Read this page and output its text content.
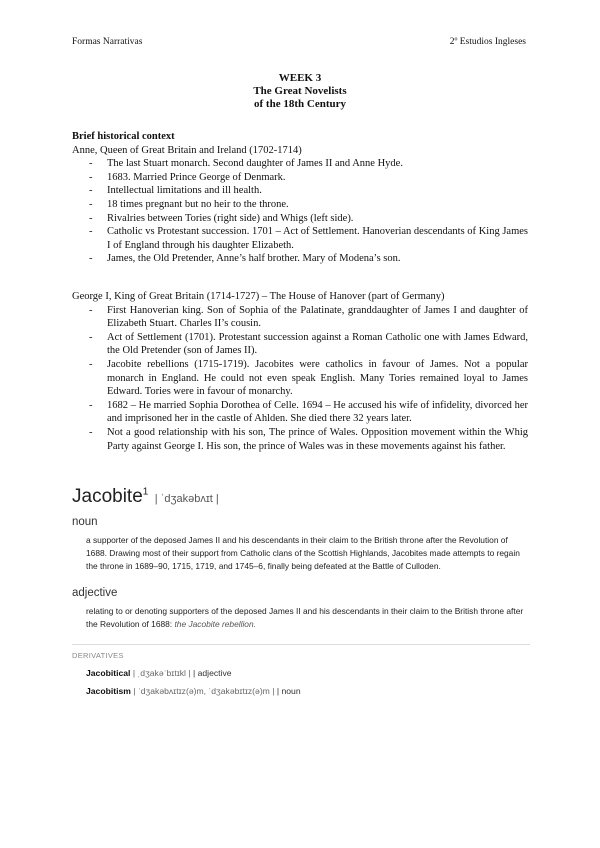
Formas Narrativas	2º Estudios Ingleses
WEEK 3
The Great Novelists
of the 18th Century
Brief historical context
Anne, Queen of Great Britain and Ireland (1702-1714)
- The last Stuart monarch. Second daughter of James II and Anne Hyde.
- 1683. Married Prince George of Denmark.
- Intellectual limitations and ill health.
- 18 times pregnant but no heir to the throne.
- Rivalries between Tories (right side) and Whigs (left side).
- Catholic vs Protestant succession. 1701 – Act of Settlement. Hanoverian descendants of King James I of England through his daughter Elizabeth.
- James, the Old Pretender, Anne’s half brother. Mary of Modena’s son.
George I, King of Great Britain (1714-1727) – The House of Hanover (part of Germany)
- First Hanoverian king. Son of Sophia of the Palatinate, granddaughter of James I and daughter of Elizabeth Stuart. Charles II’s cousin.
- Act of Settlement (1701). Protestant succession against a Roman Catholic one with James Edward, the Old Pretender (son of James II).
- Jacobite rebellions (1715-1719). Jacobites were catholics in favour of James. Not a popular monarch in England. He could not even speak English. Many Tories remained loyal to James Edward. Tories were in favour of monarchy.
- 1682 – He married Sophia Dorothea of Celle. 1694 – He accused his wife of infidelity, divorced her and imprisoned her in the castle of Ahlden. She died there 32 years later.
- Not a good relationship with his son, The prince of Wales. Opposition movement within the Whig Party against George I. His son, the prince of Wales was in these movements against his father.
Jacobite$^1$ | ˈdʒakəbʌɪt |
noun
a supporter of the deposed James II and his descendants in their claim to the British throne after the Revolution of 1688. Drawing most of their support from Catholic clans of the Scottish Highlands, Jacobites made attempts to regain the throne in 1689–90, 1715, 1719, and 1745–6, finally being defeated at the Battle of Culloden.
adjective
relating to or denoting supporters of the deposed James II and his descendants in their claim to the British throne after the Revolution of 1688: the Jacobite rebellion.
DERIVATIVES
Jacobitical | ˌdʒakəˈbɪtɪkl | | adjective
Jacobitism | ˈdʒakəbʌɪtɪz(ə)m, ˈdʒakəbɪtɪz(ə)m | | noun
